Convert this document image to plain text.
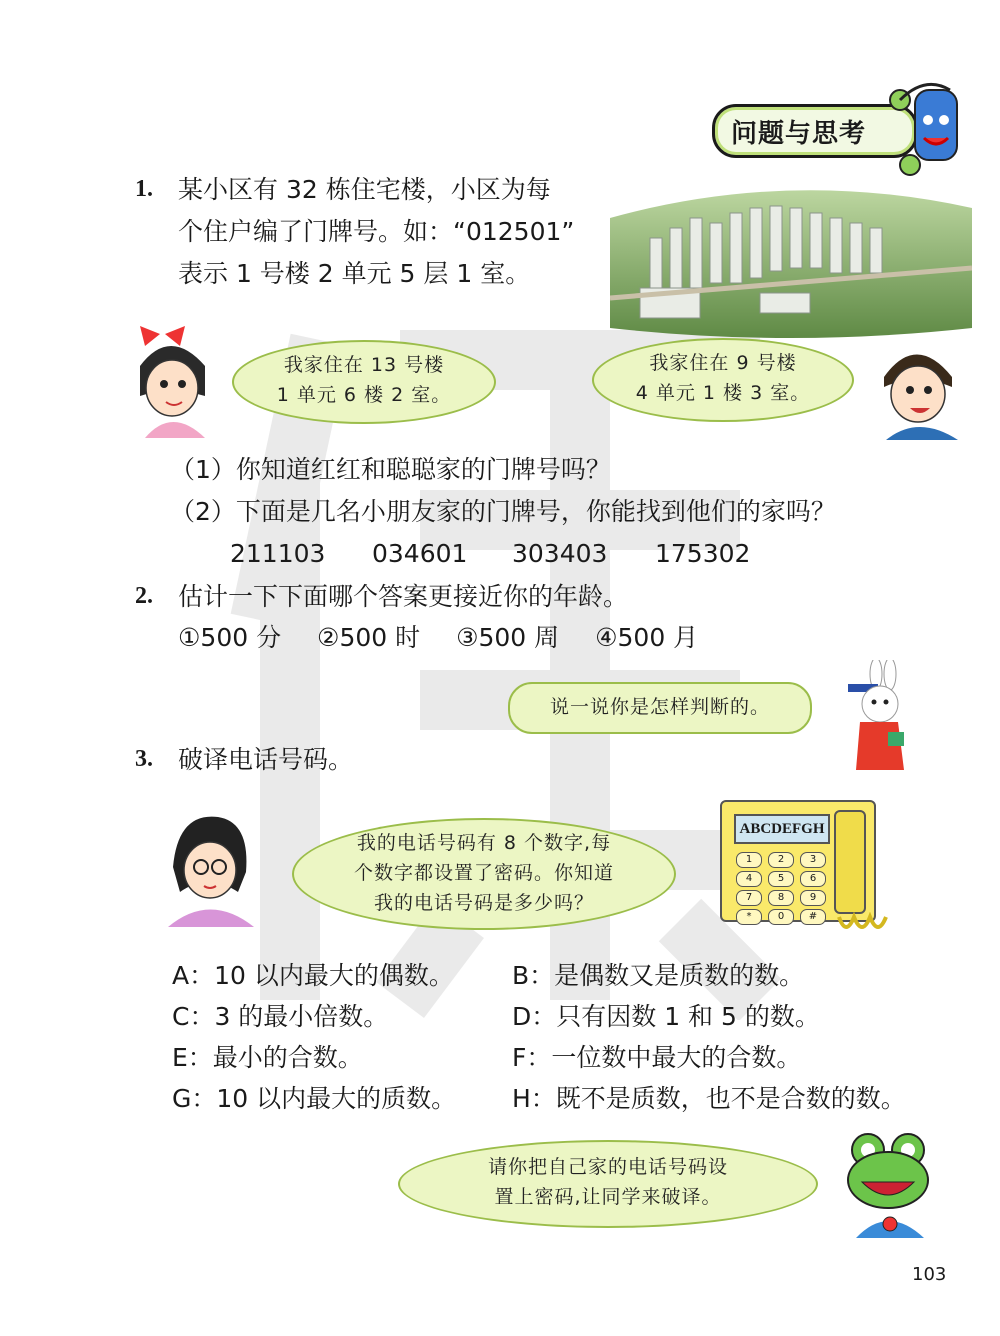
问题与思考
1. 某小区有 32 栋住宅楼，小区为每
个住户编了门牌号。如：“012501”
表示 1 号楼 2 单元 5 层 1 室。
我家住在 13 号楼
1 单元 6 楼 2 室。
我家住在 9 号楼
4 单元 1 楼 3 室。
（1）你知道红红和聪聪家的门牌号吗？
（2）下面是几名小朋友家的门牌号，你能找到他们的家吗？
211103 034601 303403 175302
2. 估计一下下面哪个答案更接近你的年龄。
①500 分 ②500 时 ③500 周 ④500 月
说一说你是怎样判断的。
3. 破译电话号码。
我的电话号码有 8 个数字,每
个数字都设置了密码。你知道
我的电话号码是多少吗？
ABCDEFGH
1	2	3
4	5	6
7	8	9
*	0	#
A：10 以内最大的偶数。 B：是偶数又是质数的数。
C：3 的最小倍数。	D：只有因数 1 和 5 的数。
E：最小的合数。	F：一位数中最大的合数。
G：10 以内最大的质数。 H：既不是质数，也不是合数的数。
请你把自己家的电话号码设
置上密码,让同学来破译。
103
